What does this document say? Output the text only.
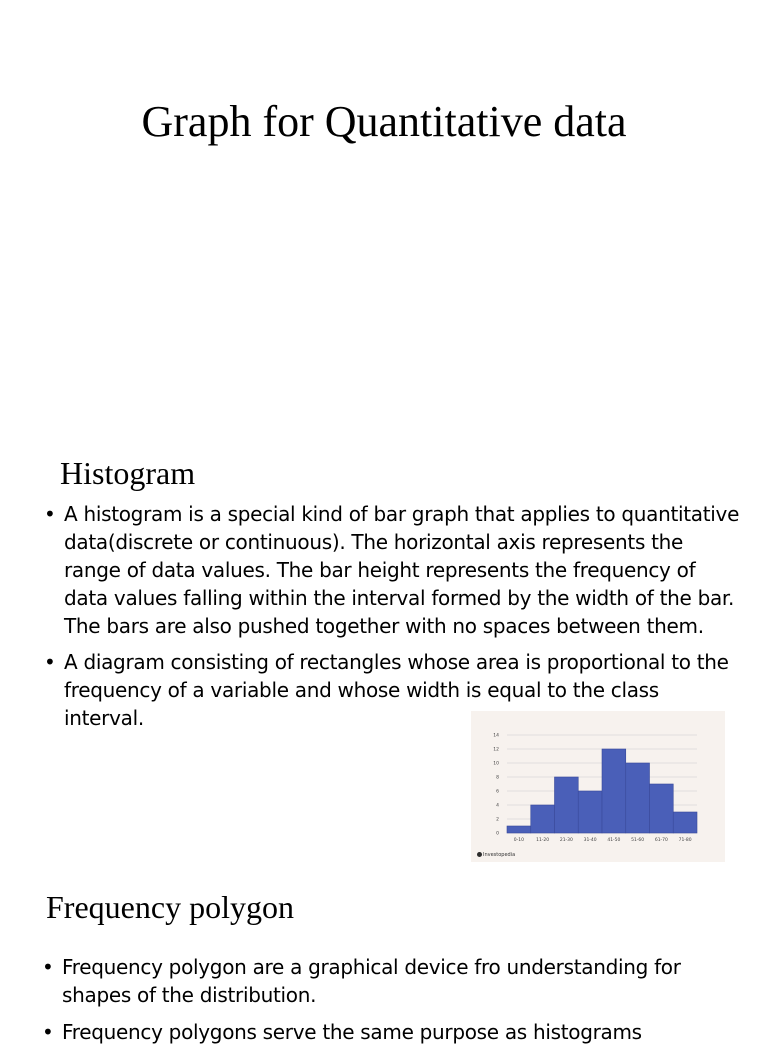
Graph for Quantitative data
Histogram
• A histogram is a special kind of bar graph that applies to quantitative data(discrete or continuous). The horizontal axis represents the range of data values. The bar height represents the frequency of data values falling within the interval formed by the width of the bar. The bars are also pushed together with no spaces between them.
• A diagram consisting of rectangles whose area is proportional to the frequency of a variable and whose width is equal to the class interval.
0
2
4
6
8
10
12
14
0-10	11-20 21-30 31-40 41-50 51-60 61-70 71-80
Investopedia
Frequency polygon
• Frequency polygon are a graphical device fro understanding for shapes of the distribution.
• Frequency polygons serve the same purpose as histograms
